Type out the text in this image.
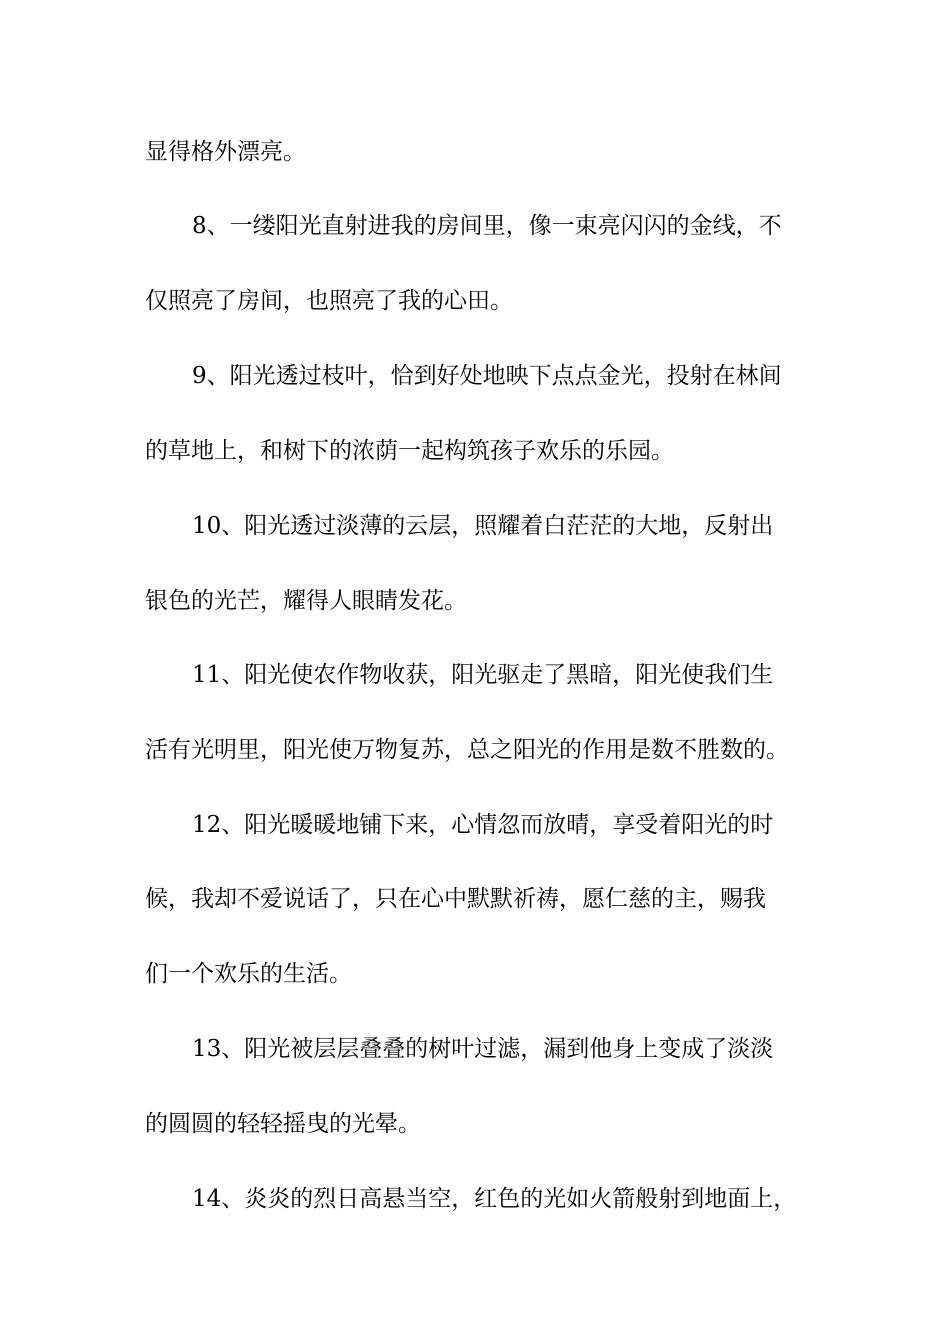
显得格外漂亮。
8、一缕阳光直射进我的房间里，像一束亮闪闪的金线，不
仅照亮了房间，也照亮了我的心田。
9、阳光透过枝叶，恰到好处地映下点点金光，投射在林间
的草地上，和树下的浓荫一起构筑孩子欢乐的乐园。
10、阳光透过淡薄的云层，照耀着白茫茫的大地，反射出
银色的光芒，耀得人眼睛发花。
11、阳光使农作物收获，阳光驱走了黑暗，阳光使我们生
活有光明里，阳光使万物复苏，总之阳光的作用是数不胜数的。
12、阳光暖暖地铺下来，心情忽而放晴，享受着阳光的时
候，我却不爱说话了，只在心中默默祈祷，愿仁慈的主，赐我
们一个欢乐的生活。
13、阳光被层层叠叠的树叶过滤，漏到他身上变成了淡淡
的圆圆的轻轻摇曳的光晕。
14、炎炎的烈日高悬当空，红色的光如火箭般射到地面上，
